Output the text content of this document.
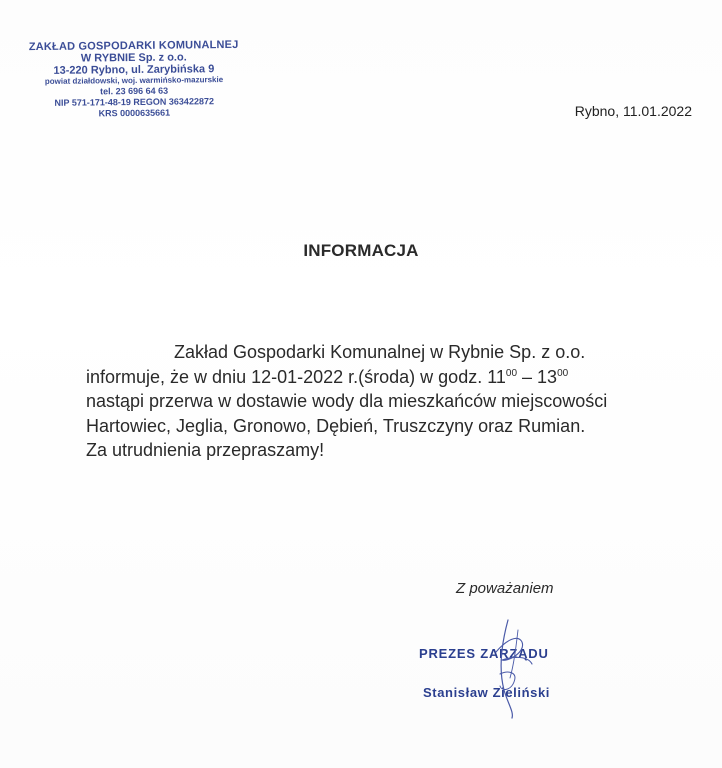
ZAKŁAD GOSPODARKI KOMUNALNEJ
W RYBNIE Sp. z o.o.
13-220 Rybno, ul. Zarybińska 9
powiat działdowski, woj. warmińsko-mazurskie
tel. 23 696 64 63
NIP 571-171-48-19 REGON 363422872
KRS 0000635661	Rybno, 11.01.2022
INFORMACJA

Zakład Gospodarki Komunalnej w Rybnie Sp. z o.o.

informuje, że w dniu 12-01-2022 r.(środa) w godz. $11^{00} - 13^{00}$

nastąpi przerwa w dostawie wody dla mieszkańców miejscowości

Hartowiec, Jeglia, Gronowo, Dębień, Truszczyny oraz Rumian.

Za utrudnienia przepraszamy!

Z poważaniem
PREZES ZARZĄDU
Stanisław Zieliński
